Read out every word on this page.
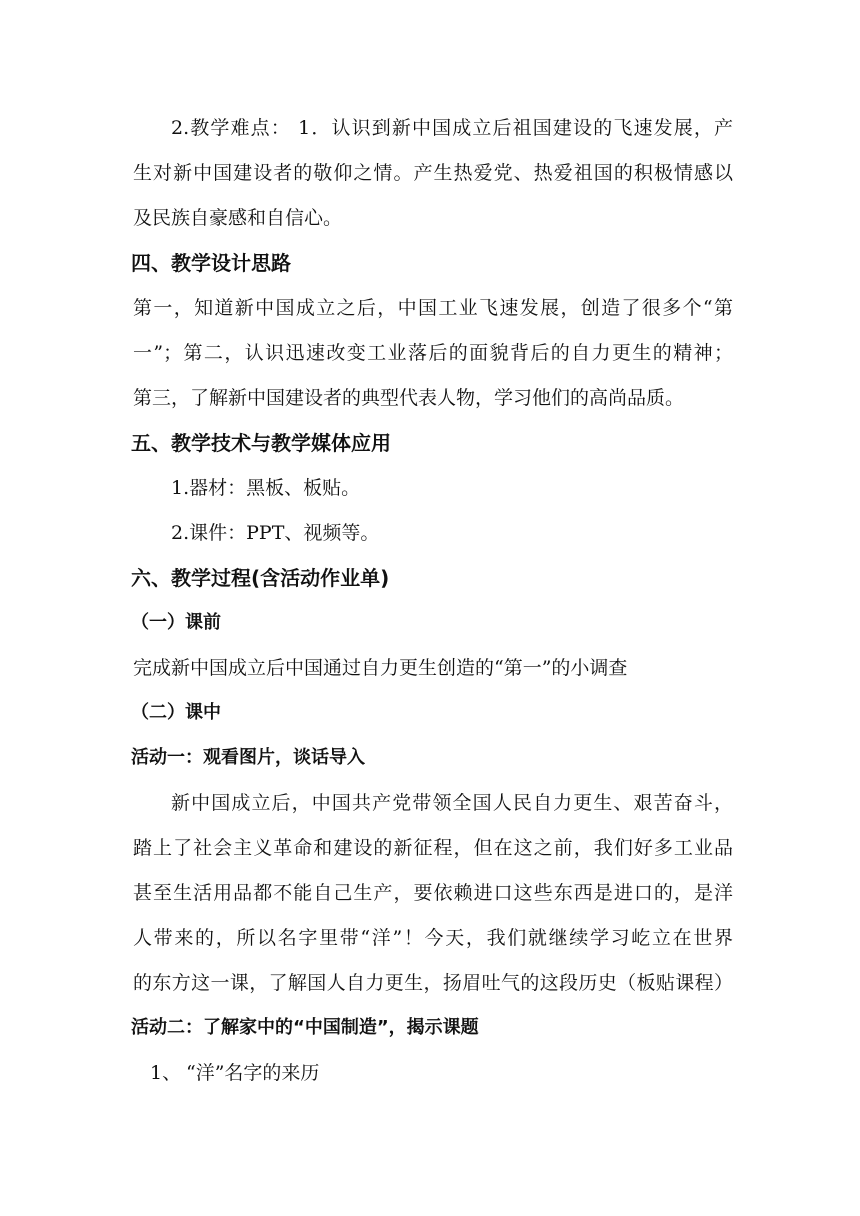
2.教学难点： 1．认识到新中国成立后祖国建设的飞速发展，产
生对新中国建设者的敬仰之情。产生热爱党、热爱祖国的积极情感以
及民族自豪感和自信心。
四、教学设计思路
第一，知道新中国成立之后，中国工业飞速发展，创造了很多个“第
一”；第二，认识迅速改变工业落后的面貌背后的自力更生的精神；
第三，了解新中国建设者的典型代表人物，学习他们的高尚品质。
五、教学技术与教学媒体应用
1.器材：黑板、板贴。
2.课件：PPT、视频等。
六、教学过程(含活动作业单)
（一）课前
完成新中国成立后中国通过自力更生创造的“第一”的小调查
（二）课中
活动一：观看图片，谈话导入
新中国成立后，中国共产党带领全国人民自力更生、艰苦奋斗，
踏上了社会主义革命和建设的新征程，但在这之前，我们好多工业品
甚至生活用品都不能自己生产，要依赖进口这些东西是进口的，是洋
人带来的，所以名字里带“洋”！今天，我们就继续学习屹立在世界
的东方这一课，了解国人自力更生，扬眉吐气的这段历史（板贴课程）
活动二：了解家中的“中国制造”，揭示课题
1、 “洋”名字的来历
